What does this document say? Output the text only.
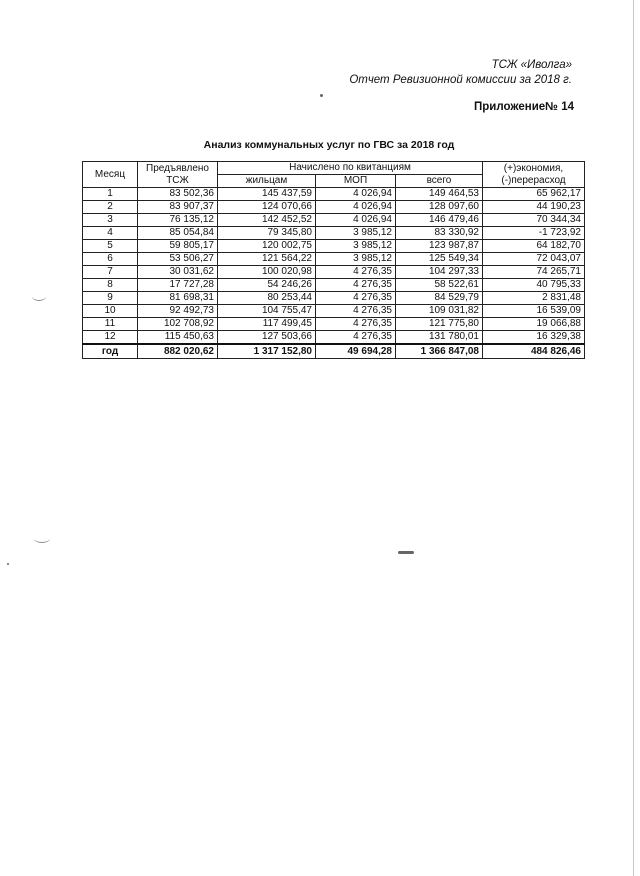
ТСЖ «Иволга»
Отчет Ревизионной комиссии за 2018 г.
Приложение№ 14
Анализ коммунальных услуг по ГВС за 2018 год
Месяц	Предъявлено ТСЖ	Начислено по квитанциям			(+)экономия, (-)перерасход
		жильцам	МОП	всего	
1	83 502,36	145 437,59	4 026,94	149 464,53	65 962,17
2	83 907,37	124 070,66	4 026,94	128 097,60	44 190,23
3	76 135,12	142 452,52	4 026,94	146 479,46	70 344,34
4	85 054,84	79 345,80	3 985,12	83 330,92	-1 723,92
5	59 805,17	120 002,75	3 985,12	123 987,87	64 182,70
6	53 506,27	121 564,22	3 985,12	125 549,34	72 043,07
7	30 031,62	100 020,98	4 276,35	104 297,33	74 265,71
8	17 727,28	54 246,26	4 276,35	58 522,61	40 795,33
9	81 698,31	80 253,44	4 276,35	84 529,79	2 831,48
10	92 492,73	104 755,47	4 276,35	109 031,82	16 539,09
11	102 708,92	117 499,45	4 276,35	121 775,80	19 066,88
12	115 450,63	127 503,66	4 276,35	131 780,01	16 329,38
год	882 020,62	1 317 152,80	49 694,28	1 366 847,08	484 826,46
